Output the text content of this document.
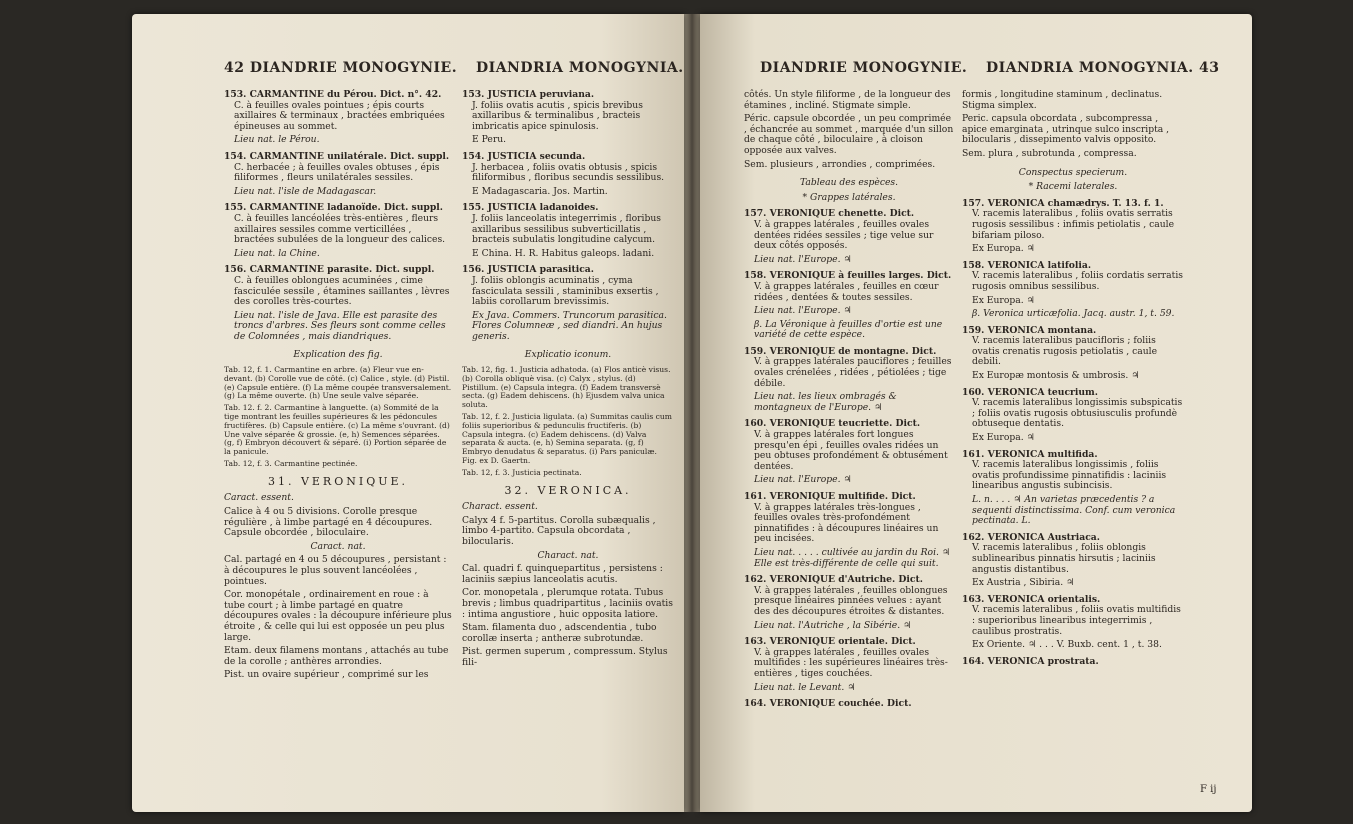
42 DIANDRIE MONOGYNIE. DIANDRIA MONOGYNIA.
153. CARMANTINE du Pérou. Dict. n°. 42.

C. à feuilles ovales pointues ; épis courts axillaires & terminaux , bractées embriquées épineuses au sommet.

Lieu nat. le Pérou.

154. CARMANTINE unilatérale. Dict. suppl.

C. herbacée ; à feuilles ovales obtuses , épis filiformes , fleurs unilatérales sessiles.

Lieu nat. l'isle de Madagascar.

155. CARMANTINE ladanoïde. Dict. suppl.

C. à feuilles lancéolées très-entières , fleurs axillaires sessiles comme verticillées , bractées subulées de la longueur des calices.

Lieu nat. la Chine.

156. CARMANTINE parasite. Dict. suppl.

C. à feuilles oblongues acuminées , cime fasciculée sessile , étamines saillantes , lèvres des corolles très-courtes.

Lieu nat. l'isle de Java. Elle est parasite des troncs d'arbres. Ses fleurs sont comme celles de Colomnées , mais diandriques.

Explication des fig.

Tab. 12, f. 1. Carmantine en arbre. (a) Fleur vue en-devant. (b) Corolle vue de côté. (c) Calice , style. (d) Pistil. (e) Capsule entière. (f) La même coupée transversalement. (g) La même ouverte. (h) Une seule valve séparée.

Tab. 12. f. 2. Carmantine à languette. (a) Sommité de la tige montrant les feuilles supérieures & les pédoncules fructifères. (b) Capsule entière. (c) La même s'ouvrant. (d) Une valve séparée & grossie. (e, h) Semences séparées. (g, f) Embryon découvert & séparé. (i) Portion séparée de la panicule.

Tab. 12, f. 3. Carmantine pectinée.

31. VERONIQUE.

Caract. essent.

Calice à 4 ou 5 divisions. Corolle presque régulière , à limbe partagé en 4 découpures. Capsule obcordée , biloculaire.

Caract. nat.

Cal. partagé en 4 ou 5 découpures , persistant : à découpures le plus souvent lancéolées , pointues.

Cor. monopétale , ordinairement en roue : à tube court ; à limbe partagé en quatre découpures ovales : la découpure inférieure plus étroite , & celle qui lui est opposée un peu plus large.

Etam. deux filamens montans , attachés au tube de la corolle ; anthères arrondies.

Pist. un ovaire supérieur , comprimé sur les

153. JUSTICIA peruviana.

J. foliis ovatis acutis , spicis brevibus axillaribus & terminalibus , bracteis imbricatis apice spinulosis.

E Peru.

154. JUSTICIA secunda.

J. herbacea , foliis ovatis obtusis , spicis filiformibus , floribus secundis sessilibus.

E Madagascaria. Jos. Martin.

155. JUSTICIA ladanoides.

J. foliis lanceolatis integerrimis , floribus axillaribus sessilibus subverticillatis , bracteis subulatis longitudine calycum.

E China. H. R. Habitus galeops. ladani.

156. JUSTICIA parasitica.

J. foliis oblongis acuminatis , cyma fasciculata sessili , staminibus exsertis , labiis corollarum brevissimis.

Ex Java. Commers. Truncorum parasitica. Flores Columneæ , sed diandri. An hujus generis.

Explicatio iconum.

Tab. 12, fig. 1. Justicia adhatoda. (a) Flos anticè visus. (b) Corolla obliquè visa. (c) Calyx , stylus. (d) Pistillum. (e) Capsula integra. (f) Eadem transversè secta. (g) Eadem dehiscens. (h) Ejusdem valva unica soluta.

Tab. 12, f. 2. Justicia ligulata. (a) Summitas caulis cum foliis superioribus & pedunculis fructiferis. (b) Capsula integra. (c) Eadem dehiscens. (d) Valva separata & aucta. (e, h) Semina separata. (g, f) Embryo denudatus & separatus. (i) Pars paniculæ. Fig. ex D. Gaertn.

Tab. 12, f. 3. Justicia pectinata.

32. VERONICA.

Charact. essent.

Calyx 4 f. 5-partitus. Corolla subæqualis , limbo 4-partito. Capsula obcordata , bilocularis.

Charact. nat.

Cal. quadri f. quinquepartitus , persistens : laciniis sæpius lanceolatis acutis.

Cor. monopetala , plerumque rotata. Tubus brevis ; limbus quadripartitus , laciniis ovatis : intima angustiore , huic opposita latiore.

Stam. filamenta duo , adscendentia , tubo corollæ inserta ; antheræ subrotundæ.

Pist. germen superum , compressum. Stylus fili-

DIANDRIE MONOGYNIE. DIANDRIA MONOGYNIA. 43

côtés. Un style filiforme , de la longueur des étamines , incliné. Stigmate simple.

Péric. capsule obcordée , un peu comprimée , échancrée au sommet , marquée d'un sillon de chaque côté , biloculaire , à cloison opposée aux valves.

Sem. plusieurs , arrondies , comprimées.

Tableau des espèces.

* Grappes latérales.

157. VERONIQUE chenette. Dict.

V. à grappes latérales , feuilles ovales dentées ridées sessiles ; tige velue sur deux côtés opposés.

Lieu nat. l'Europe. ♃

158. VERONIQUE à feuilles larges. Dict.

V. à grappes latérales , feuilles en cœur ridées , dentées & toutes sessiles.

Lieu nat. l'Europe. ♃

β. La Véronique à feuilles d'ortie est une variété de cette espèce.

159. VERONIQUE de montagne. Dict.

V. à grappes latérales pauciflores ; feuilles ovales crénelées , ridées , pétiolées ; tige débile.

Lieu nat. les lieux ombragés & montagneux de l'Europe. ♃

160. VERONIQUE teucriette. Dict.

V. à grappes latérales fort longues presqu'en épi , feuilles ovales ridées un peu obtuses profondément & obtusément dentées.

Lieu nat. l'Europe. ♃

161. VERONIQUE multifide. Dict.

V. à grappes latérales très-longues , feuilles ovales très-profondément pinnatifides : à découpures linéaires un peu incisées.

Lieu nat. . . . . cultivée au jardin du Roi. ♃ Elle est très-différente de celle qui suit.

162. VERONIQUE d'Autriche. Dict.

V. à grappes latérales , feuilles oblongues presque linéaires pinnées velues : ayant des des découpures étroites & distantes.

Lieu nat. l'Autriche , la Sibérie. ♃

163. VERONIQUE orientale. Dict.

V. à grappes latérales , feuilles ovales multifides : les supérieures linéaires très-entières , tiges couchées.

Lieu nat. le Levant. ♃

164. VERONIQUE couchée. Dict.

formis , longitudine staminum , declinatus. Stigma simplex.

Peric. capsula obcordata , subcompressa , apice emarginata , utrinque sulco inscripta , bilocularis , dissepimento valvis opposito.

Sem. plura , subrotunda , compressa.

Conspectus specierum.

* Racemi laterales.

157. VERONICA chamædrys. T. 13. f. 1.

V. racemis lateralibus , foliis ovatis serratis rugosis sessilibus : infimis petiolatis , caule bifariam piloso.

Ex Europa. ♃

158. VERONICA latifolia.

V. racemis lateralibus , foliis cordatis serratis rugosis omnibus sessilibus.

Ex Europa. ♃

β. Veronica urticæfolia. Jacq. austr. 1, t. 59.

159. VERONICA montana.

V. racemis lateralibus paucifloris ; foliis ovatis crenatis rugosis petiolatis , caule debili.

Ex Europæ montosis & umbrosis. ♃

160. VERONICA teucrium.

V. racemis lateralibus longissimis subspicatis ; foliis ovatis rugosis obtusiusculis profundè obtuseque dentatis.

Ex Europa. ♃

161. VERONICA multifida.

V. racemis lateralibus longissimis , foliis ovatis profundissime pinnatifidis : laciniis linearibus angustis subincisis.

L. n. . . . ♃ An varietas præcedentis ? a sequenti distinctissima. Conf. cum veronica pectinata. L.

162. VERONICA Austriaca.

V. racemis lateralibus , foliis oblongis sublinearibus pinnatis hirsutis ; laciniis angustis distantibus.

Ex Austria , Sibiria. ♃

163. VERONICA orientalis.

V. racemis lateralibus , foliis ovatis multifidis : superioribus linearibus integerrimis , caulibus prostratis.

Ex Oriente. ♃ . . . V. Buxb. cent. 1 , t. 38.

164. VERONICA prostrata.
F ij
